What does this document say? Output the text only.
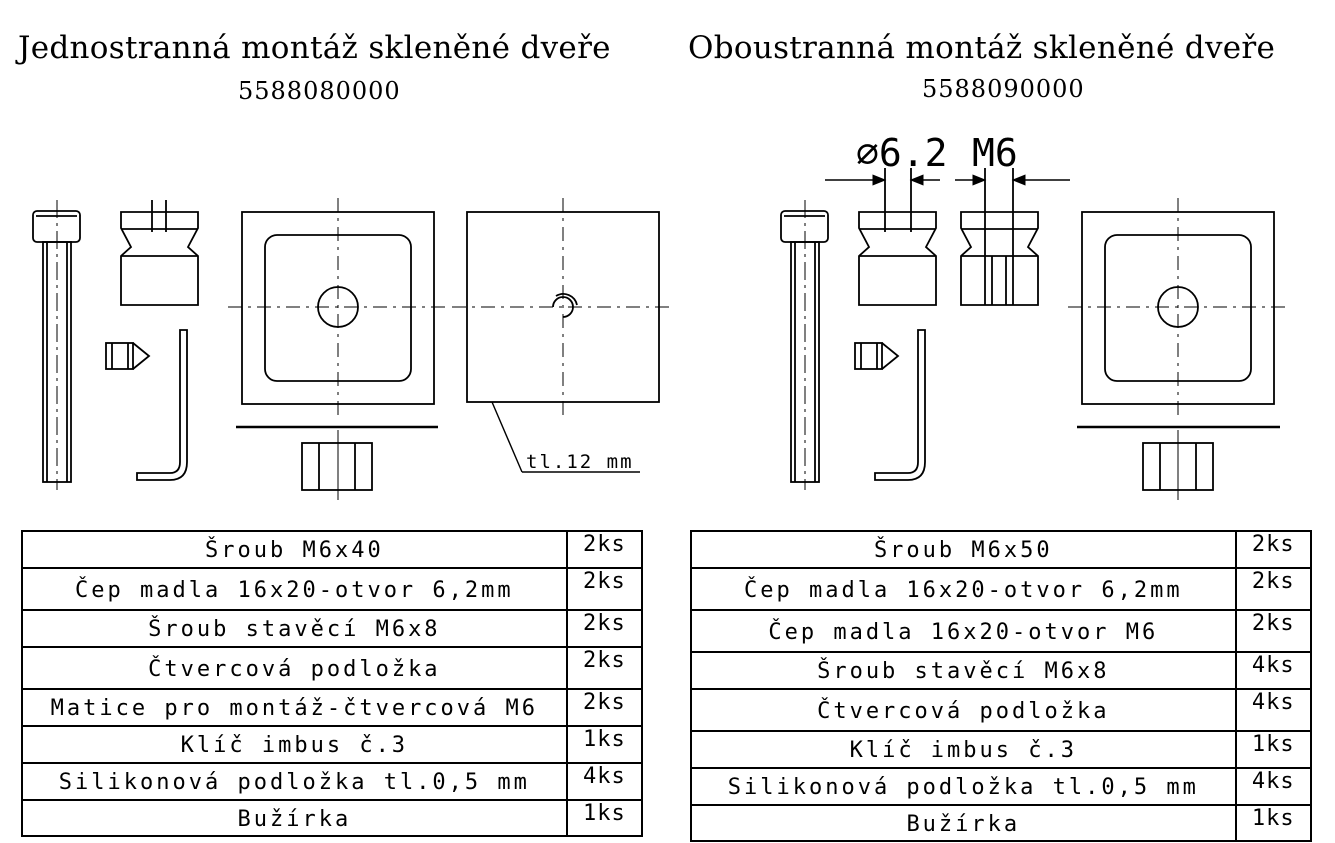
Jednostranná montáž skleněné dveře
5588080000
Oboustranná montáž skleněné dveře
5588090000
tl.12 mm
⌀6.2 M6
Šroub M6x40	2ks
Čep madla 16x20-otvor 6,2mm	2ks
Šroub stavěcí M6x8	2ks
Čtvercová podložka	2ks
Matice pro montáž-čtvercová M6	2ks
Klíč imbus č.3	1ks
Silikonová podložka tl.0,5 mm	4ks
Bužírka	1ks
Šroub M6x50	2ks
Čep madla 16x20-otvor 6,2mm	2ks
Čep madla 16x20-otvor M6	2ks
Šroub stavěcí M6x8	4ks
Čtvercová podložka	4ks
Klíč imbus č.3	1ks
Silikonová podložka tl.0,5 mm	4ks
Bužírka	1ks
